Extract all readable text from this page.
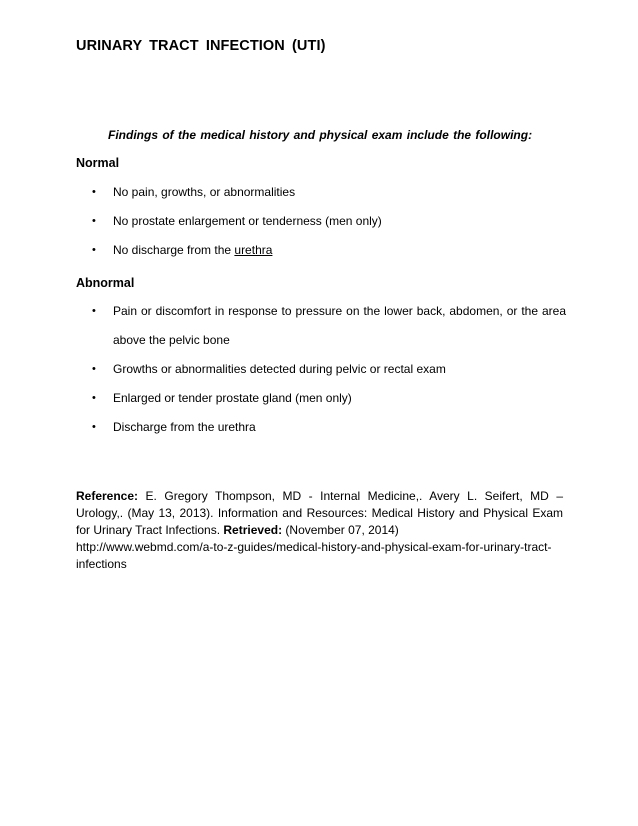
URINARY TRACT INFECTION (UTI)
Findings of the medical history and physical exam include the following:
Normal
• No pain, growths, or abnormalities
• No prostate enlargement or tenderness (men only)
• No discharge from the urethra
Abnormal
• Pain or discomfort in response to pressure on the lower back, abdomen, or the area above the pelvic bone
• Growths or abnormalities detected during pelvic or rectal exam
• Enlarged or tender prostate gland (men only)
• Discharge from the urethra
Reference: E. Gregory Thompson, MD - Internal Medicine,. Avery L. Seifert, MD – Urology,. (May 13, 2013). Information and Resources: Medical History and Physical Exam for Urinary Tract Infections. Retrieved: (November 07, 2014)
http://www.webmd.com/a-to-z-guides/medical-history-and-physical-exam-for-urinary-tract-infections
